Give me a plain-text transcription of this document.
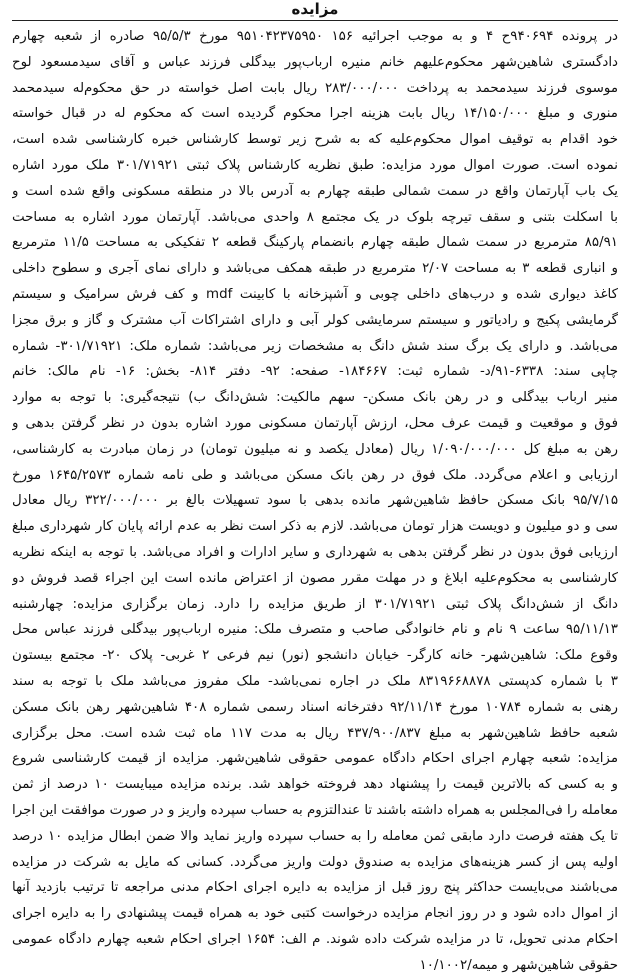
مزایده
در پرونده ۹۴۰۶۹۴ح ۴ و به موجب اجرائیه ۱۵۶ ۹۵۱۰۴۲۳۷۵۹۵۰ مورخ ۹۵/۵/۳ صادره از شعبه چهارم
دادگستری شاهین‌شهر محکوم‌علیهم خانم منیره ارباب‌پور بیدگلی فرزند عباس و آقای سیدمسعود لوح
موسوی فرزند سیدمحمد به پرداخت ۲۸۳/۰۰۰/۰۰۰ ریال بابت اصل خواسته در حق محکوم‌له سیدمحمد
منوری و مبلغ ۱۴/۱۵۰/۰۰۰ ریال بابت هزینه اجرا محکوم گردیده است که محکوم له در قبال خواسته
خود اقدام به توقیف اموال محکوم‌علیه که به شرح زیر توسط کارشناس خبره کارشناسی شده است،
نموده است. صورت اموال مورد مزایده: طبق نظریه کارشناس پلاک ثبتی ۳۰۱/۷۱۹۲۱ ملک مورد اشاره
یک باب آپارتمان واقع در سمت شمالی طبقه چهارم به آدرس بالا در منطقه مسکونی واقع شده است و
با اسکلت بتنی و سقف تیرچه بلوک در یک مجتمع ۸ واحدی می‌باشد. آپارتمان مورد اشاره به مساحت
۸۵/۹۱ مترمربع در سمت شمال طبقه چهارم بانضمام پارکینگ قطعه ۲ تفکیکی به مساحت ۱۱/۵ مترمربع
و انباری قطعه ۳ به مساحت ۲/۰۷ مترمربع در طبقه همکف می‌باشد و دارای نمای آجری و سطوح داخلی
کاغذ دیواری شده و درب‌های داخلی چوبی و آشپزخانه با کابینت mdf و کف فرش سرامیک و سیستم
گرمایشی پکیج و رادیاتور و سیستم سرمایشی کولر آبی و دارای اشتراکات آب مشترک و گاز و برق مجزا
می‌باشد. و دارای یک برگ سند شش دانگ به مشخصات زیر می‌باشد: شماره ملک: ۳۰۱/۷۱۹۲۱- شماره
چاپی سند: ۶۳۳۸-۹۱/د- شماره ثبت: ۱۸۴۶۶۷- صفحه: ۹۲- دفتر ۸۱۴- بخش: ۱۶- نام مالک: خانم
منیر ارباب بیدگلی و در رهن بانک مسکن- سهم مالکیت: شش‌دانگ ب) نتیجه‌گیری: با توجه به موارد
فوق و موقعیت و قیمت عرف محل، ارزش آپارتمان مسکونی مورد اشاره بدون در نظر گرفتن بدهی و
رهن به مبلغ کل ۱/۰۹۰/۰۰۰/۰۰۰ ریال (معادل یکصد و نه میلیون تومان) در زمان مبادرت به کارشناسی،
ارزیابی و اعلام می‌گردد. ملک فوق در رهن بانک مسکن می‌باشد و طی نامه شماره ۱۶۴۵/۲۵۷۳ مورخ
۹۵/۷/۱۵ بانک مسکن حافظ شاهین‌شهر مانده بدهی با سود تسهیلات بالغ بر ۳۲۲/۰۰۰/۰۰۰ ریال معادل
سی و دو میلیون و دویست هزار تومان می‌باشد. لازم به ذکر است نظر به عدم ارائه پایان کار شهرداری مبلغ
ارزیابی فوق بدون در نظر گرفتن بدهی به شهرداری و سایر ادارات و افراد می‌باشد. با توجه به اینکه نظریه
کارشناسی به محکوم‌علیه ابلاغ و در مهلت مقرر مصون از اعتراض مانده است این اجراء قصد فروش دو
دانگ از شش‌دانگ پلاک ثبتی ۳۰۱/۷۱۹۲۱ از طریق مزایده را دارد. زمان برگزاری مزایده: چهارشنبه
۹۵/۱۱/۱۳ ساعت ۹ نام و نام خانوادگی صاحب و متصرف ملک: منیره ارباب‌پور بیدگلی فرزند عباس محل
وقوع ملک: شاهین‌شهر- خانه کارگر- خیابان دانشجو (نور) نیم فرعی ۲ غربی- پلاک ۲۰- مجتمع بیستون
۳ با شماره کدپستی ۸۳۱۹۶۶۸۸۷۸ ملک در اجاره نمی‌باشد- ملک مفروز می‌باشد ملک با توجه به سند
رهنی به شماره ۱۰۷۸۴ مورخ ۹۲/۱۱/۱۴ دفترخانه اسناد رسمی شماره ۴۰۸ شاهین‌شهر رهن بانک مسکن
شعبه حافظ شاهین‌شهر به مبلغ ۴۳۷/۹۰۰/۸۳۷ ریال به مدت ۱۱۷ ماه ثبت شده است. محل برگزاری
مزایده: شعبه چهارم اجرای احکام دادگاه عمومی حقوقی شاهین‌شهر. مزایده از قیمت کارشناسی شروع
و به کسی که بالاترین قیمت را پیشنهاد دهد فروخته خواهد شد. برنده مزایده میبایست ۱۰ درصد از ثمن
معامله را فی‌المجلس به همراه داشته باشند تا عندالتزوم به حساب سپرده واریز و در صورت موافقت این اجرا
تا یک هفته فرصت دارد مابقی ثمن معامله را به حساب سپرده واریز نماید والا ضمن ابطال مزایده ۱۰ درصد
اولیه پس از کسر هزینه‌های مزایده به صندوق دولت واریز می‌گردد. کسانی که مایل به شرکت در مزایده
می‌باشند می‌بایست حداکثر پنج روز قبل از مزایده به دایره اجرای احکام مدنی مراجعه تا ترتیب بازدید آنها
از اموال داده شود و در روز انجام مزایده درخواست کتبی خود به همراه قیمت پیشنهادی را به دایره اجرای
احکام مدنی تحویل، تا در مزایده شرکت داده شوند. م الف: ۱۶۵۴ اجرای احکام شعبه چهارم دادگاه عمومی
حقوقی شاهین‌شهر و میمه/۱۰/۱۰۰۲
